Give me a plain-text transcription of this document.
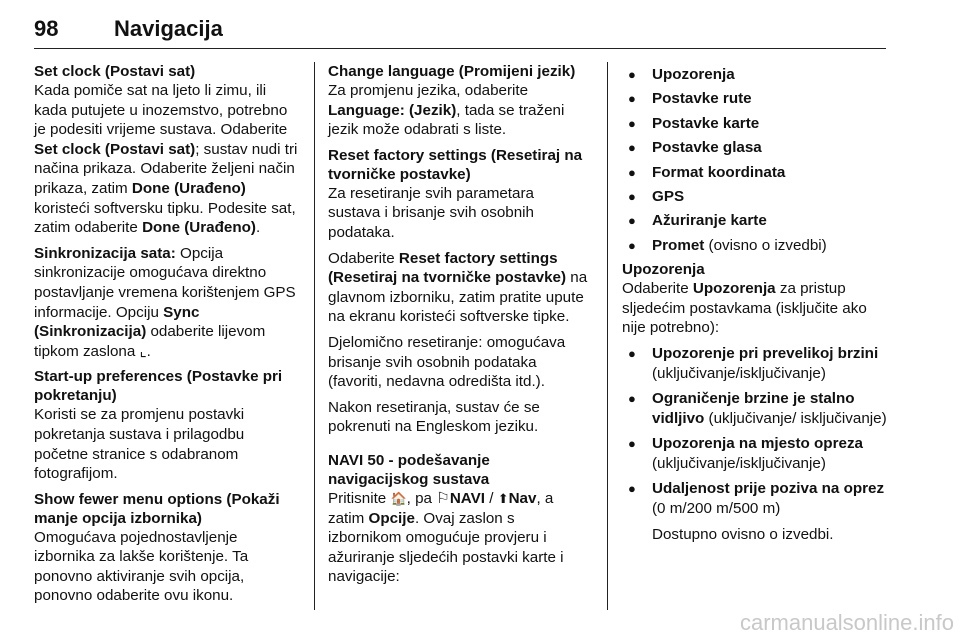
98	Navigacija
Set clock (Postavi sat)

Kada pomiče sat na ljeto li zimu, ili kada putujete u inozemstvo, potrebno je podesiti vrijeme sustava. Odaberite Set clock (Postavi sat); sustav nudi tri načina prikaza. Odaberite željeni način prikaza, zatim Done (Urađeno) koristeći softversku tipku. Podesite sat, zatim odaberite Done (Urađeno).

Sinkronizacija sata: Opcija sinkronizacije omogućava direktno postavljanje vremena korištenjem GPS informacije. Opciju Sync (Sinkronizacija) odaberite lijevom tipkom zaslona ⌞.

Start-up preferences (Postavke pri pokretanju)

Koristi se za promjenu postavki pokretanja sustava i prilagodbu početne stranice s odabranom fotografijom.

Show fewer menu options (Pokaži manje opcija izbornika)

Omogućava pojednostavljenje izbornika za lakše korištenje. Ta ponovno aktiviranje svih opcija, ponovno odaberite ovu ikonu.

Change language (Promijeni jezik)

Za promjenu jezika, odaberite Language: (Jezik), tada se traženi jezik može odabrati s liste.

Reset factory settings (Resetiraj na tvorničke postavke)

Za resetiranje svih parametara sustava i brisanje svih osobnih podataka.

Odaberite Reset factory settings (Resetiraj na tvorničke postavke) na glavnom izborniku, zatim pratite upute na ekranu koristeći softverske tipke.

Djelomično resetiranje: omogućava brisanje svih osobnih podataka (favoriti, nedavna odredišta itd.).

Nakon resetiranja, sustav će se pokrenuti na Engleskom jeziku.

NAVI 50 - podešavanje navigacijskog sustava

Pritisnite 🏠, pa ⚐NAVI / ⬆Nav, a zatim Opcije. Ovaj zaslon s izbornikom omogućuje provjeru i ažuriranje sljedećih postavki karte i navigacije:

● Upozorenja
● Postavke rute
● Postavke karte
● Postavke glasa
● Format koordinata
● GPS
● Ažuriranje karte
● Promet (ovisno o izvedbi)
Upozorenja

Odaberite Upozorenja za pristup sljedećim postavkama (isključite ako nije potrebno):

● Upozorenje pri prevelikoj brzini (uključivanje/isključivanje)
● Ograničenje brzine je stalno vidljivo (uključivanje/ isključivanje)
● Upozorenja na mjesto opreza (uključivanje/isključivanje)
● Udaljenost prije poziva na oprez (0 m/200 m/500 m)

Dostupno ovisno o izvedbi.

carmanualsonline.info
